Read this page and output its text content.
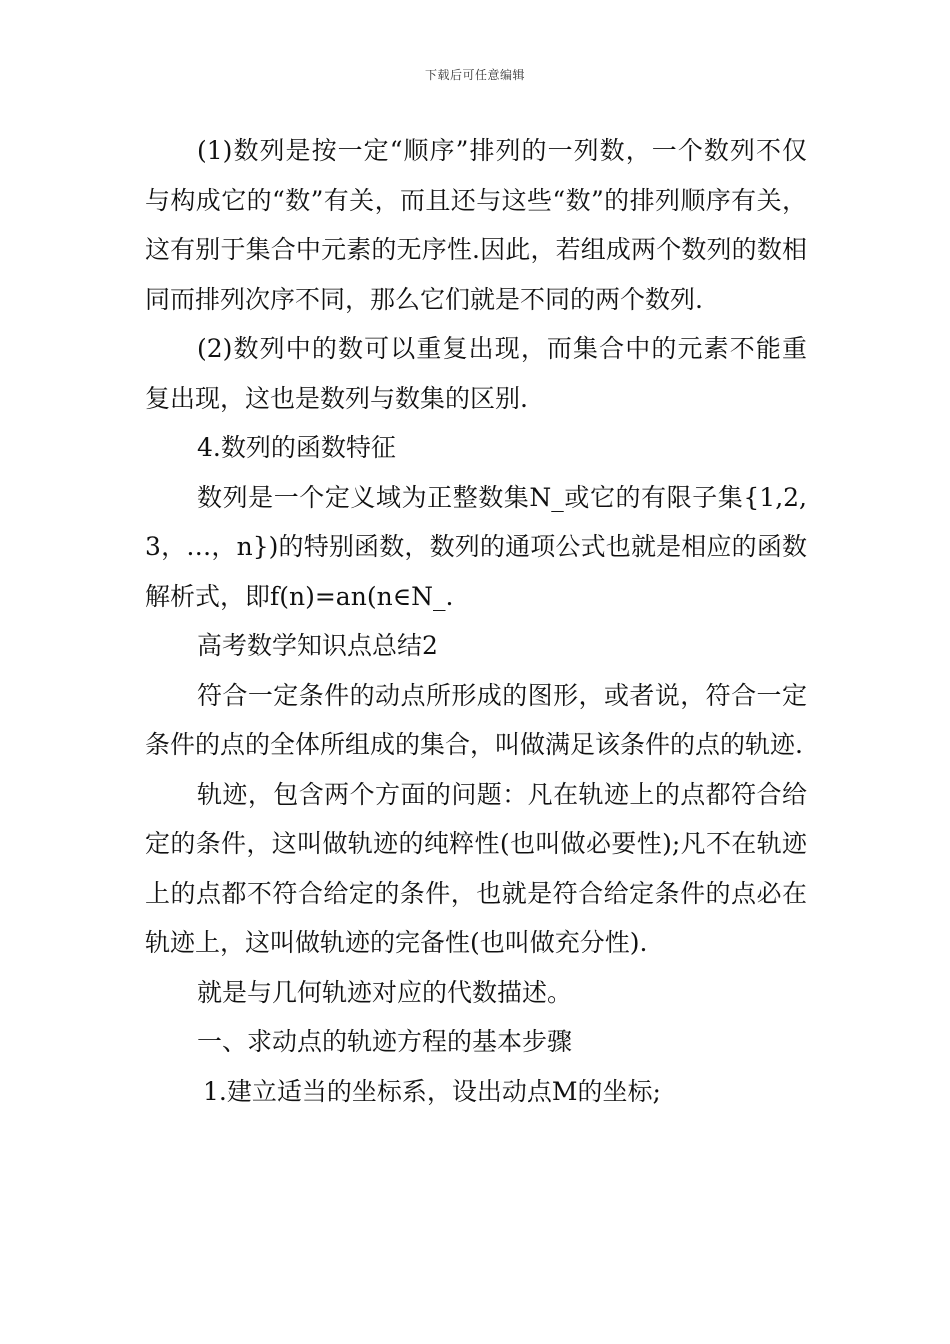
下载后可任意编辑

(1)数列是按一定“顺序”排列的一列数，一个数列不仅与构成它的“数”有关，而且还与这些“数”的排列顺序有关，这有别于集合中元素的无序性.因此，若组成两个数列的数相同而排列次序不同，那么它们就是不同的两个数列.

(2)数列中的数可以重复出现，而集合中的元素不能重复出现，这也是数列与数集的区别.

4.数列的函数特征

数列是一个定义域为正整数集N_或它的有限子集{1,2,3，…，n})的特别函数，数列的通项公式也就是相应的函数解析式，即f(n)=an(n∈N_.

高考数学知识点总结2

符合一定条件的动点所形成的图形，或者说，符合一定条件的点的全体所组成的集合，叫做满足该条件的点的轨迹.

轨迹，包含两个方面的问题：凡在轨迹上的点都符合给定的条件，这叫做轨迹的纯粹性(也叫做必要性);凡不在轨迹上的点都不符合给定的条件，也就是符合给定条件的点必在轨迹上，这叫做轨迹的完备性(也叫做充分性).

就是与几何轨迹对应的代数描述。

一、求动点的轨迹方程的基本步骤

1.建立适当的坐标系，设出动点M的坐标;
